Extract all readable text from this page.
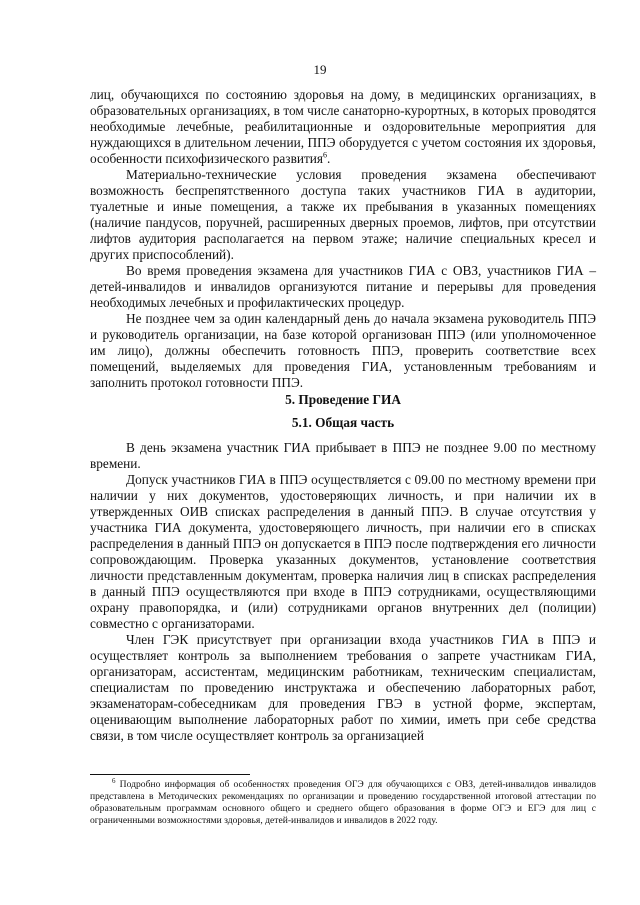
19

лиц, обучающихся по состоянию здоровья на дому, в медицинских организациях, в образовательных организациях, в том числе санаторно-курортных, в которых проводятся необходимые лечебные, реабилитационные и оздоровительные мероприятия для нуждающихся в длительном лечении, ППЭ оборудуется с учетом состояния их здоровья, особенности психофизического развития$^6$.

Материально-технические условия проведения экзамена обеспечивают возможность беспрепятственного доступа таких участников ГИА в аудитории, туалетные и иные помещения, а также их пребывания в указанных помещениях (наличие пандусов, поручней, расширенных дверных проемов, лифтов, при отсутствии лифтов аудитория располагается на первом этаже; наличие специальных кресел и других приспособлений).

Во время проведения экзамена для участников ГИА с ОВЗ, участников ГИА – детей-инвалидов и инвалидов организуются питание и перерывы для проведения необходимых лечебных и профилактических процедур.

Не позднее чем за один календарный день до начала экзамена руководитель ППЭ и руководитель организации, на базе которой организован ППЭ (или уполномоченное им лицо), должны обеспечить готовность ППЭ, проверить соответствие всех помещений, выделяемых для проведения ГИА, установленным требованиям и заполнить протокол готовности ППЭ.

5. Проведение ГИА
5.1. Общая часть

В день экзамена участник ГИА прибывает в ППЭ не позднее 9.00 по местному времени.

Допуск участников ГИА в ППЭ осуществляется с 09.00 по местному времени при наличии у них документов, удостоверяющих личность, и при наличии их в утвержденных ОИВ списках распределения в данный ППЭ. В случае отсутствия у участника ГИА документа, удостоверяющего личность, при наличии его в списках распределения в данный ППЭ он допускается в ППЭ после подтверждения его личности сопровождающим. Проверка указанных документов, установление соответствия личности представленным документам, проверка наличия лиц в списках распределения в данный ППЭ осуществляются при входе в ППЭ сотрудниками, осуществляющими охрану правопорядка, и (или) сотрудниками органов внутренних дел (полиции) совместно с организаторами.

Член ГЭК присутствует при организации входа участников ГИА в ППЭ и осуществляет контроль за выполнением требования о запрете участникам ГИА, организаторам, ассистентам, медицинским работникам, техническим специалистам, специалистам по проведению инструктажа и обеспечению лабораторных работ, экзаменаторам-собеседникам для проведения ГВЭ в устной форме, экспертам, оценивающим выполнение лабораторных работ по химии, иметь при себе средства связи, в том числе осуществляет контроль за организацией

$^6$ Подробно информация об особенностях проведения ОГЭ для обучающихся с ОВЗ, детей-инвалидов инвалидов представлена в Методических рекомендациях по организации и проведению государственной итоговой аттестации по образовательным программам основного общего и среднего общего образования в форме ОГЭ и ЕГЭ для лиц с ограниченными возможностями здоровья, детей-инвалидов и инвалидов в 2022 году.
